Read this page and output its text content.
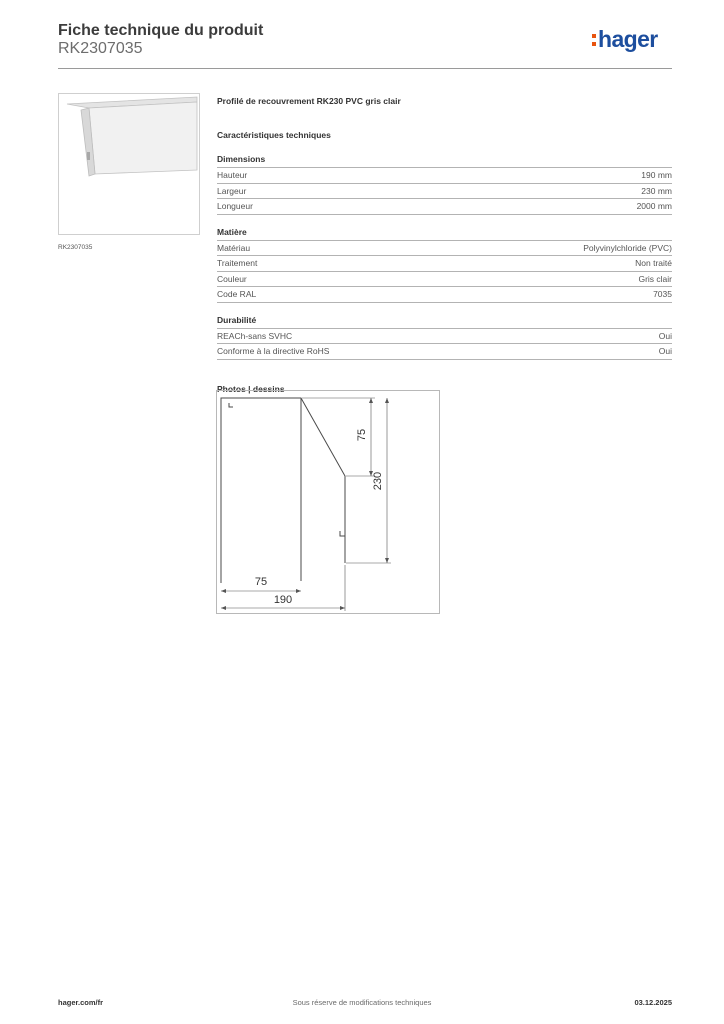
Fiche technique du produit
RK2307035	hager
RK2307035
Profilé de recouvrement RK230 PVC gris clair
Caractéristiques techniques
Dimensions
Hauteur	190 mm
Largeur	230 mm
Longueur	2000 mm
Matière
Matériau	Polyvinylchloride (PVC)
Traitement	Non traité
Couleur	Gris clair
Code RAL	7035
Durabilité
REACh-sans SVHC	Oui
Conforme à la directive RoHS	Oui
Photos | dessins
75
230
75
190
hager.com/fr	Sous réserve de modifications techniques	03.12.2025
